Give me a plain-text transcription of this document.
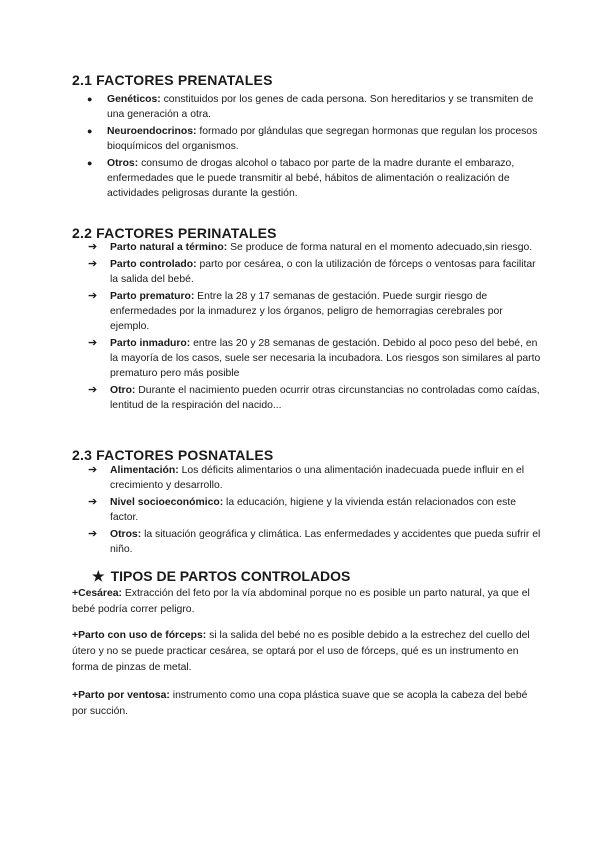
2.1 FACTORES PRENATALES
● Genéticos: constituidos por los genes de cada persona. Son hereditarios y se transmiten de una generación a otra.
● Neuroendocrinos: formado por glándulas que segregan hormonas que regulan los procesos bioquímicos del organismos.
● Otros: consumo de drogas alcohol o tabaco por parte de la madre durante el embarazo, enfermedades que le puede transmitir al bebé, hábitos de alimentación o realización de actividades peligrosas durante la gestión.
2.2 FACTORES PERINATALES
➔ Parto natural a término: Se produce de forma natural en el momento adecuado,sin riesgo.
➔ Parto controlado: parto por cesárea, o con la utilización de fórceps o ventosas para facilitar la salida del bebé.
➔ Parto prematuro: Entre la 28 y 17 semanas de gestación. Puede surgir riesgo de enfermedades por la inmadurez y los órganos, peligro de hemorragias cerebrales por ejemplo.
➔ Parto inmaduro: entre las 20 y 28 semanas de gestación. Debido al poco peso del bebé, en la mayoría de los casos, suele ser necesaria la incubadora. Los riesgos son similares al parto prematuro pero más posible
➔ Otro: Durante el nacimiento pueden ocurrir otras circunstancias no controladas como caídas, lentitud de la respiración del nacido...
2.3 FACTORES POSNATALES
➔ Alimentación: Los déficits alimentarios o una alimentación inadecuada puede influir en el crecimiento y desarrollo.
➔ Nivel socioeconómico: la educación, higiene y la vivienda están relacionados con este factor.
➔ Otros: la situación geográfica y climática. Las enfermedades y accidentes que pueda sufrir el niño.
★ TIPOS DE PARTOS CONTROLADOS

+Cesárea: Extracción del feto por la vía abdominal porque no es posible un parto natural, ya que el bebé podría correr peligro.

+Parto con uso de fórceps: si la salida del bebé no es posible debido a la estrechez del cuello del útero y no se puede practicar cesárea, se optará por el uso de fórceps, qué es un instrumento en forma de pinzas de metal.

+Parto por ventosa: instrumento como una copa plástica suave que se acopla la cabeza del bebé por succión.
